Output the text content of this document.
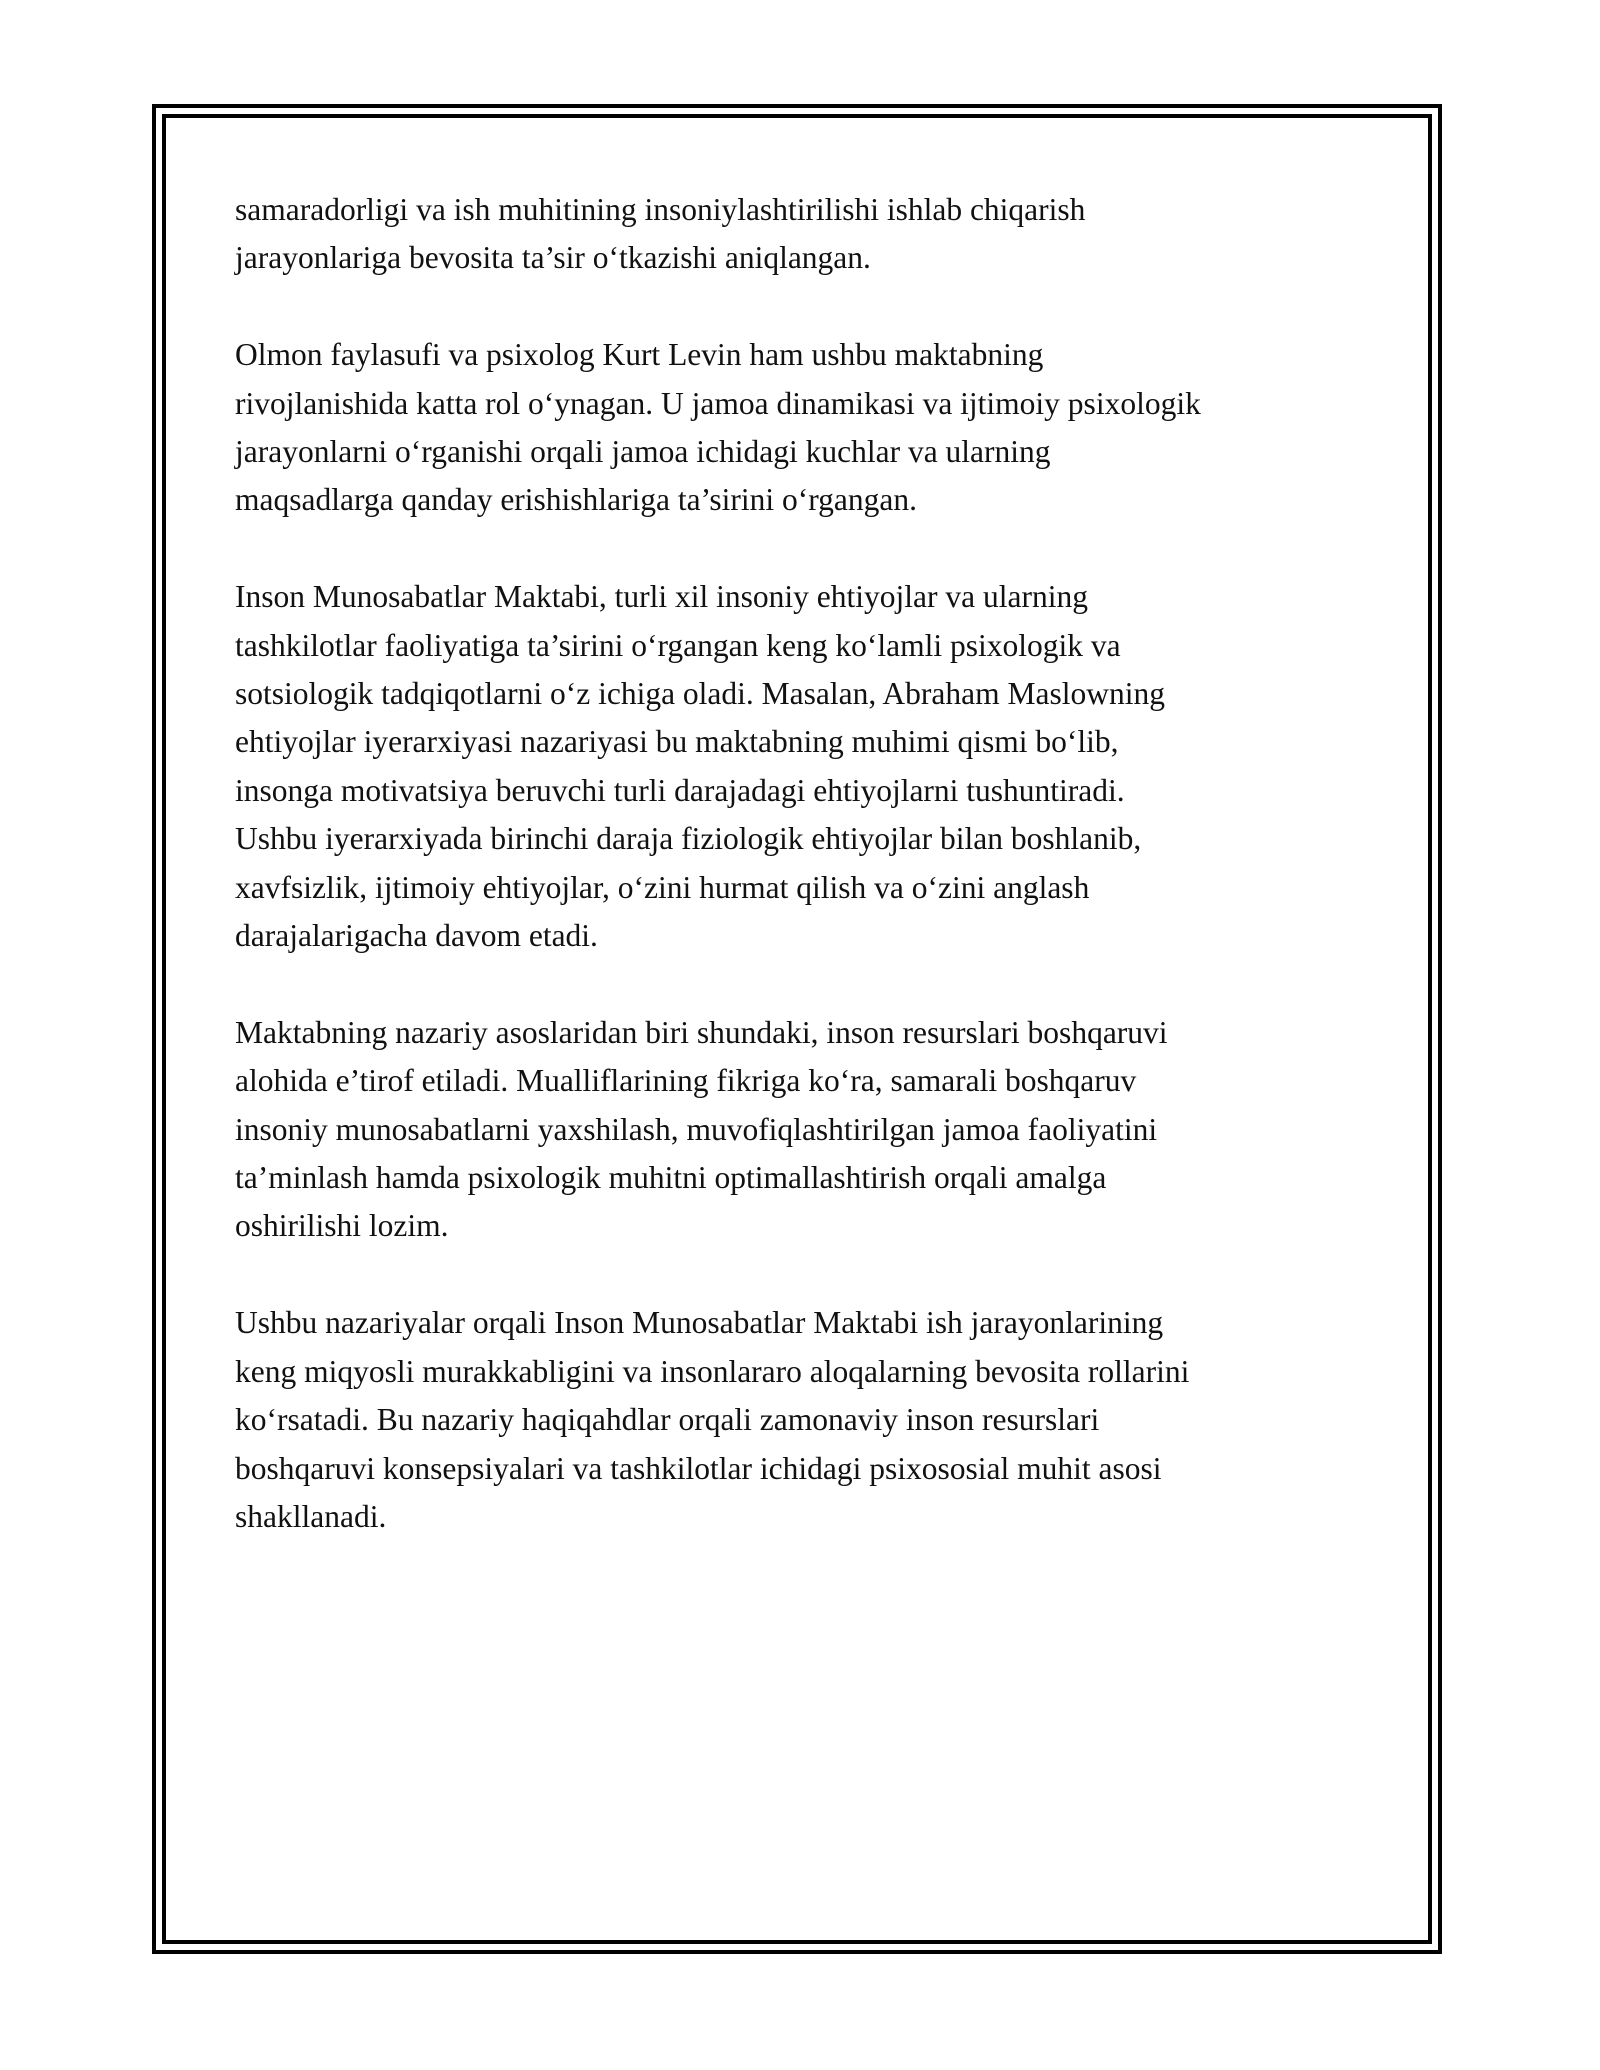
samaradorligi va ish muhitining insoniylashtirilishi ishlab chiqarish
jarayonlariga bevosita ta’sir o‘tkazishi aniqlangan.

Olmon faylasufi va psixolog Kurt Levin ham ushbu maktabning
rivojlanishida katta rol o‘ynagan. U jamoa dinamikasi va ijtimoiy psixologik
jarayonlarni o‘rganishi orqali jamoa ichidagi kuchlar va ularning
maqsadlarga qanday erishishlariga ta’sirini o‘rgangan.

Inson Munosabatlar Maktabi, turli xil insoniy ehtiyojlar va ularning
tashkilotlar faoliyatiga ta’sirini o‘rgangan keng ko‘lamli psixologik va
sotsiologik tadqiqotlarni o‘z ichiga oladi. Masalan, Abraham Maslowning
ehtiyojlar iyerarxiyasi nazariyasi bu maktabning muhimi qismi bo‘lib,
insonga motivatsiya beruvchi turli darajadagi ehtiyojlarni tushuntiradi.
Ushbu iyerarxiyada birinchi daraja fiziologik ehtiyojlar bilan boshlanib,
xavfsizlik, ijtimoiy ehtiyojlar, o‘zini hurmat qilish va o‘zini anglash
darajalarigacha davom etadi.

Maktabning nazariy asoslaridan biri shundaki, inson resurslari boshqaruvi
alohida e’tirof etiladi. Mualliflarining fikriga ko‘ra, samarali boshqaruv
insoniy munosabatlarni yaxshilash, muvofiqlashtirilgan jamoa faoliyatini
ta’minlash hamda psixologik muhitni optimallashtirish orqali amalga
oshirilishi lozim.

Ushbu nazariyalar orqali Inson Munosabatlar Maktabi ish jarayonlarining
keng miqyosli murakkabligini va insonlararo aloqalarning bevosita rollarini
ko‘rsatadi. Bu nazariy haqiqahdlar orqali zamonaviy inson resurslari
boshqaruvi konsepsiyalari va tashkilotlar ichidagi psixososial muhit asosi
shakllanadi.
